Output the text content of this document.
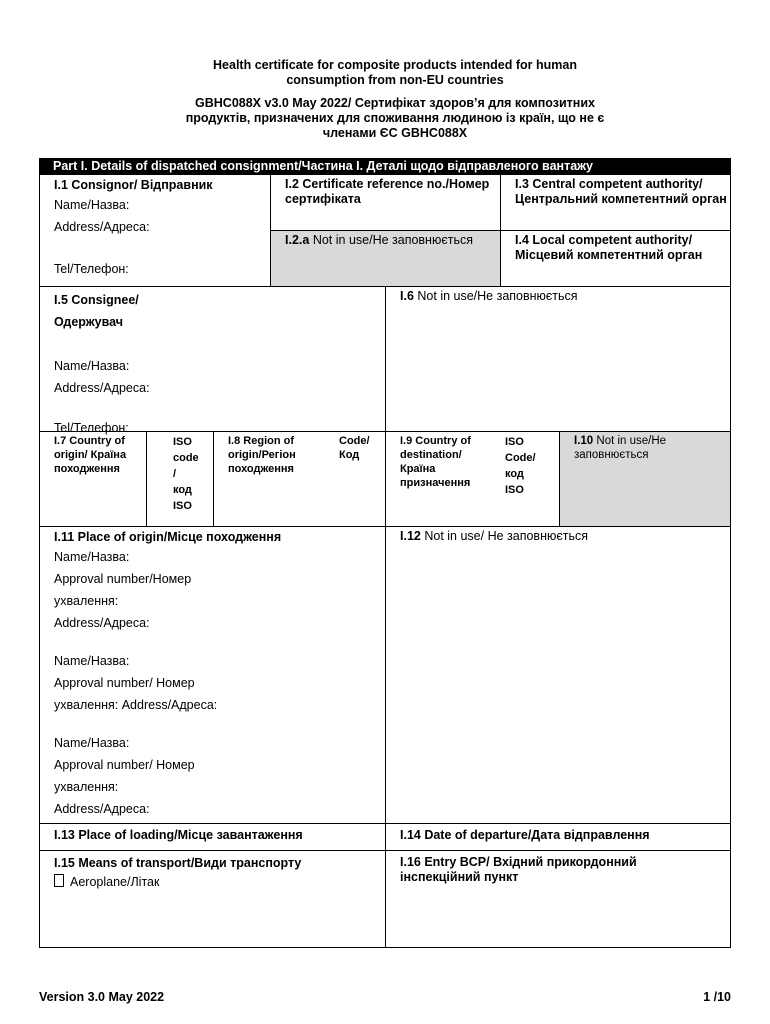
Health certificate for composite products intended for human
consumption from non-EU countries
GBHC088X v3.0 May 2022/ Сертифікат здоров’я для композитних
продуктів, призначених для споживання людиною із країн, що не є
членами ЄС GBHC088X
Part I. Details of dispatched consignment/Частина I. Деталі щодо відправленого вантажу
I.1 Consignor/ Відправник
Name/Назва:
Address/Адреса:
Tel/Телефон:
I.2 Certificate reference no./Номер сертифіката
I.3 Central competent authority/Центральний компетентний орган
I.2.a Not in use/Не заповнюється	I.4 Local competent authority/Місцевий компетентний орган
I.5 Consignee/
Одержувач
Name/Назва:
Address/Адреса:
Tel/Телефон:
I.6 Not in use/Не заповнюється
I.7 Country of origin/ Країна походження
ISO code / код ISO
I.8 Region of origin/Регіон походження
Code/ Код
I.9 Country of destination/Країна призначення
ISO Code/ код ISO
I.10 Not in use/Не заповнюється
I.11 Place of origin/Місце походження
Name/Назва:
Approval number/Номер
ухвалення:
Address/Адреса:
Name/Назва:
Approval number/ Номер
ухвалення: Address/Адреса:
Name/Назва:
Approval number/ Номер
ухвалення:
Address/Адреса:
I.12 Not in use/ Не заповнюється
I.13 Place of loading/Місце завантаження	I.14 Date of departure/Дата відправлення
I.15 Means of transport/Види транспорту
Aeroplane/Літак
I.16 Entry BCP/ Вхідний прикордонний інспекційний пункт
Version 3.0 May 2022	1 /10
